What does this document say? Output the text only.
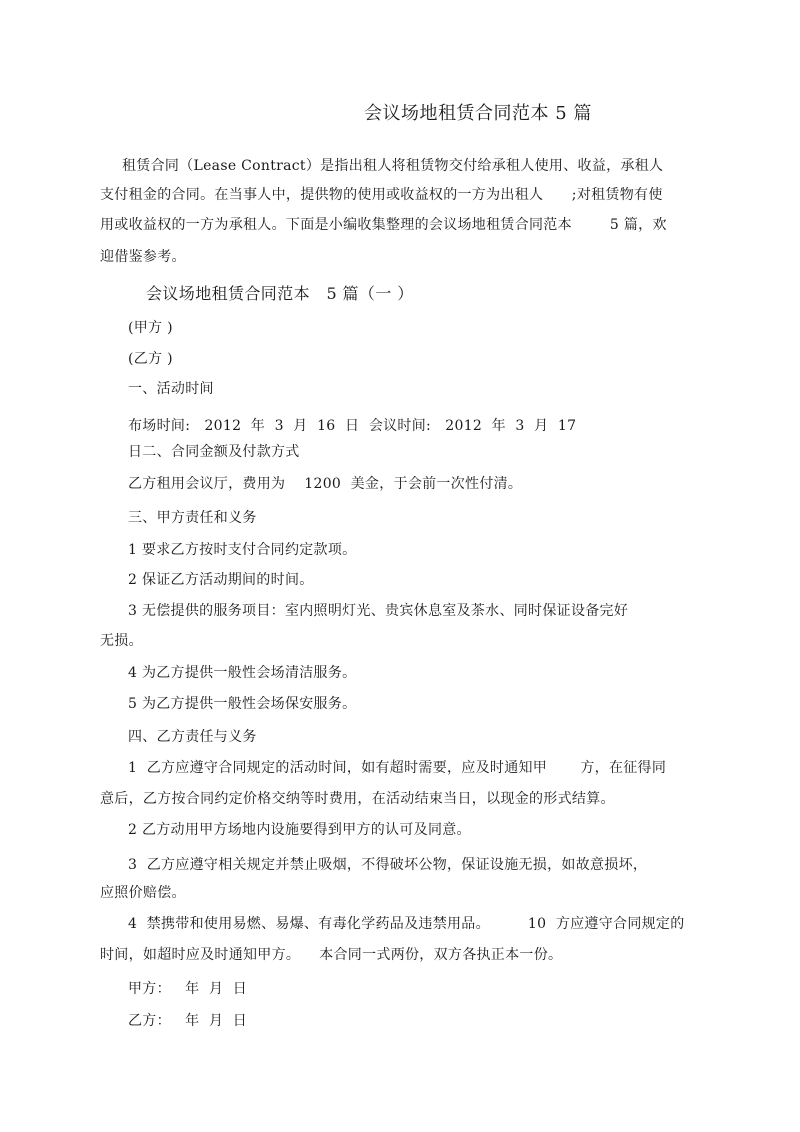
会议场地租赁合同范本 5 篇
租赁合同（Lease Contract）是指出租人将租赁物交付给承租人使用、收益，承租人
支付租金的合同。在当事人中，提供物的使用或收益权的一方为出租人      ;对租赁物有使
用或收益权的一方为承租人。下面是小编收集整理的会议场地租赁合同范本        5 篇，欢
迎借鉴参考。
会议场地租赁合同范本   5 篇（一 ）
(甲方 )
(乙方 )
一、活动时间
布场时间:   2012  年  3  月  16  日  会议时间:   2012  年  3  月  17
日二、合同金额及付款方式
乙方租用会议厅，费用为    1200  美金，于会前一次性付清。
三、甲方责任和义务
1 要求乙方按时支付合同约定款项。
2 保证乙方活动期间的时间。
3 无偿提供的服务项目：室内照明灯光、贵宾休息室及茶水、同时保证设备完好
无损。
4 为乙方提供一般性会场清洁服务。
5 为乙方提供一般性会场保安服务。
四、乙方责任与义务
1  乙方应遵守合同规定的活动时间，如有超时需要，应及时通知甲       方，在征得同
意后，乙方按合同约定价格交纳等时费用，在活动结束当日，以现金的形式结算。
2 乙方动用甲方场地内设施要得到甲方的认可及同意。
3  乙方应遵守相关规定并禁止吸烟，不得破坏公物，保证设施无损，如故意损坏，
应照价赔偿。
4  禁携带和使用易燃、易爆、有毒化学药品及违禁用品。        10  方应遵守合同规定的
时间，如超时应及时通知甲方。    本合同一式两份，双方各执正本一份。
甲方：   年  月  日
乙方：   年  月  日
